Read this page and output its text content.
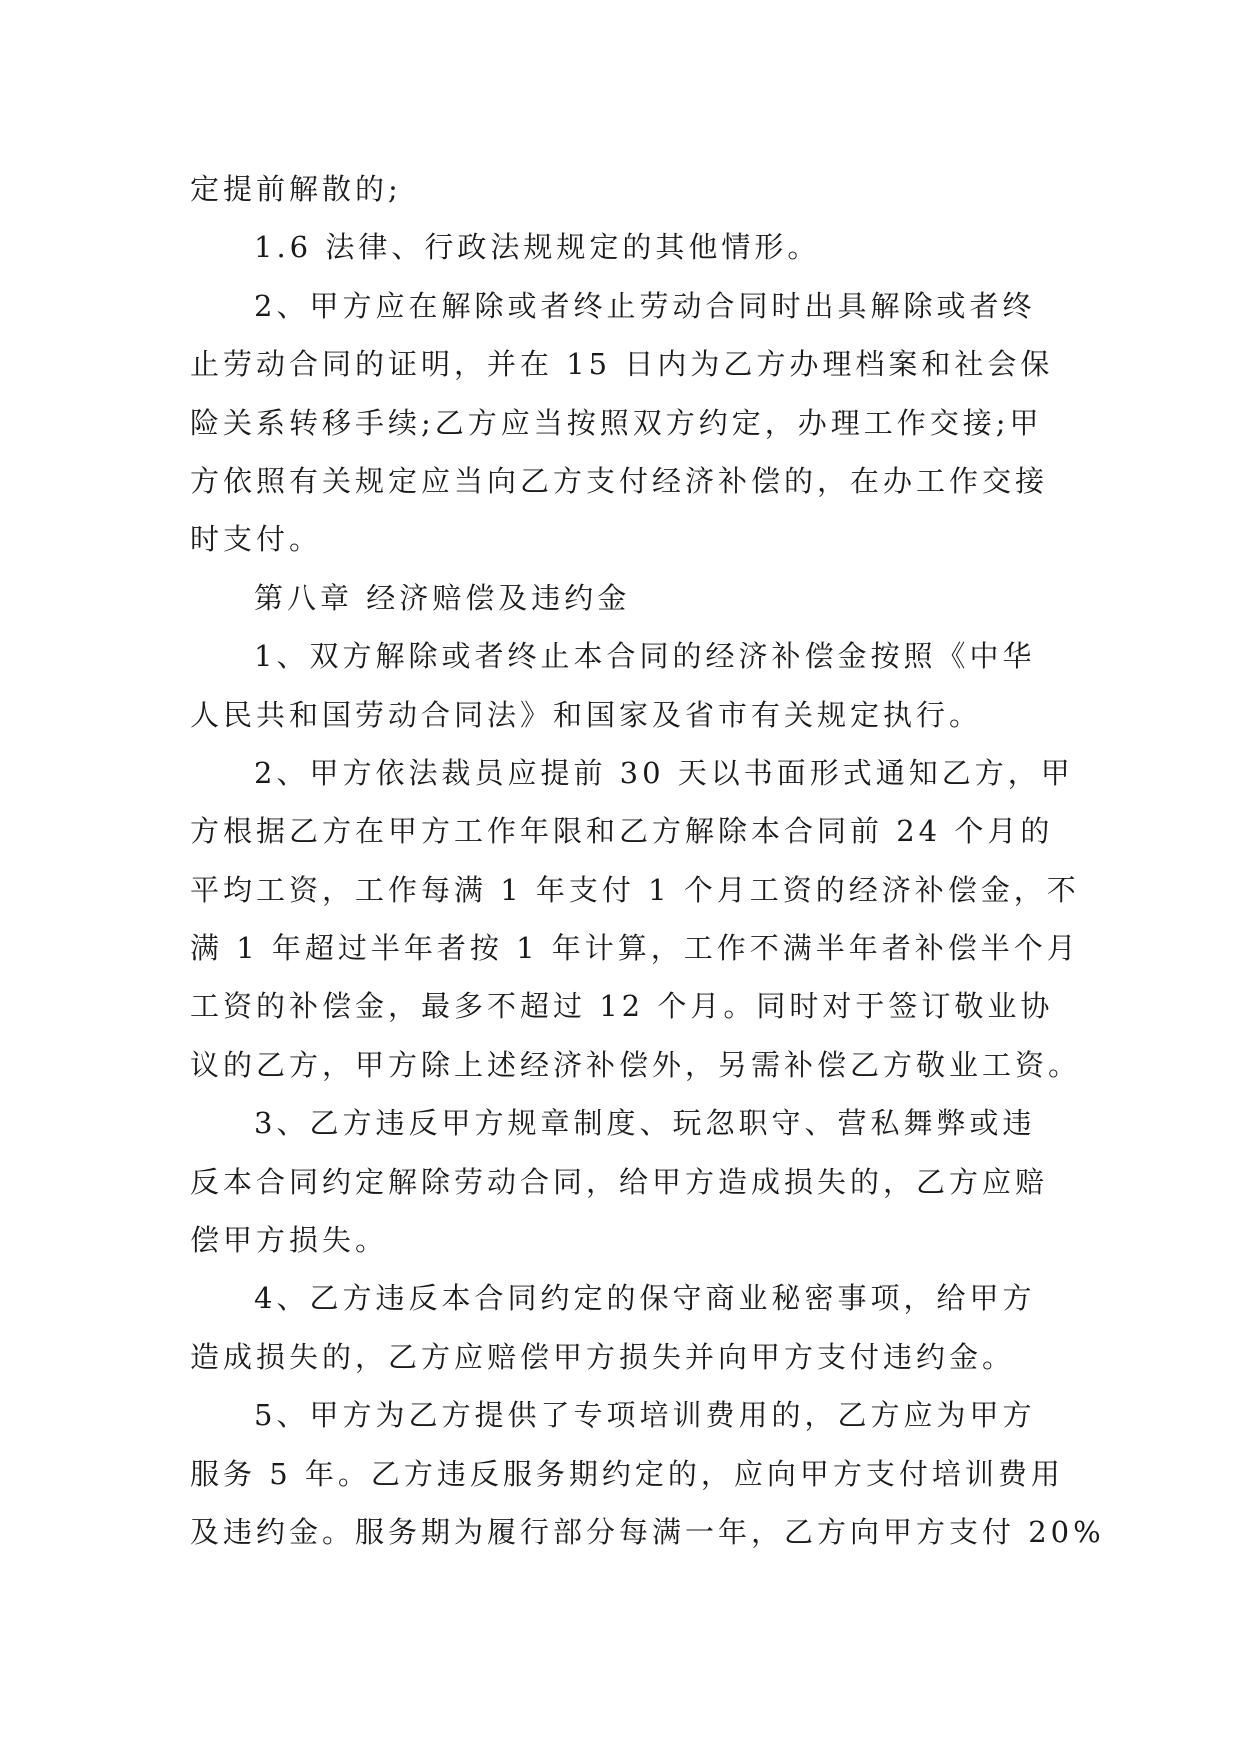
定提前解散的;
1.6 法律、行政法规规定的其他情形。
2、甲方应在解除或者终止劳动合同时出具解除或者终
止劳动合同的证明，并在 15 日内为乙方办理档案和社会保
险关系转移手续;乙方应当按照双方约定，办理工作交接;甲
方依照有关规定应当向乙方支付经济补偿的，在办工作交接
时支付。
第八章 经济赔偿及违约金
1、双方解除或者终止本合同的经济补偿金按照《中华
人民共和国劳动合同法》和国家及省市有关规定执行。
2、甲方依法裁员应提前 30 天以书面形式通知乙方，甲
方根据乙方在甲方工作年限和乙方解除本合同前 24 个月的
平均工资，工作每满 1 年支付 1 个月工资的经济补偿金，不
满 1 年超过半年者按 1 年计算，工作不满半年者补偿半个月
工资的补偿金，最多不超过 12 个月。同时对于签订敬业协
议的乙方，甲方除上述经济补偿外，另需补偿乙方敬业工资。
3、乙方违反甲方规章制度、玩忽职守、营私舞弊或违
反本合同约定解除劳动合同，给甲方造成损失的，乙方应赔
偿甲方损失。
4、乙方违反本合同约定的保守商业秘密事项，给甲方
造成损失的，乙方应赔偿甲方损失并向甲方支付违约金。
5、甲方为乙方提供了专项培训费用的，乙方应为甲方
服务 5 年。乙方违反服务期约定的，应向甲方支付培训费用
及违约金。服务期为履行部分每满一年，乙方向甲方支付 20%
